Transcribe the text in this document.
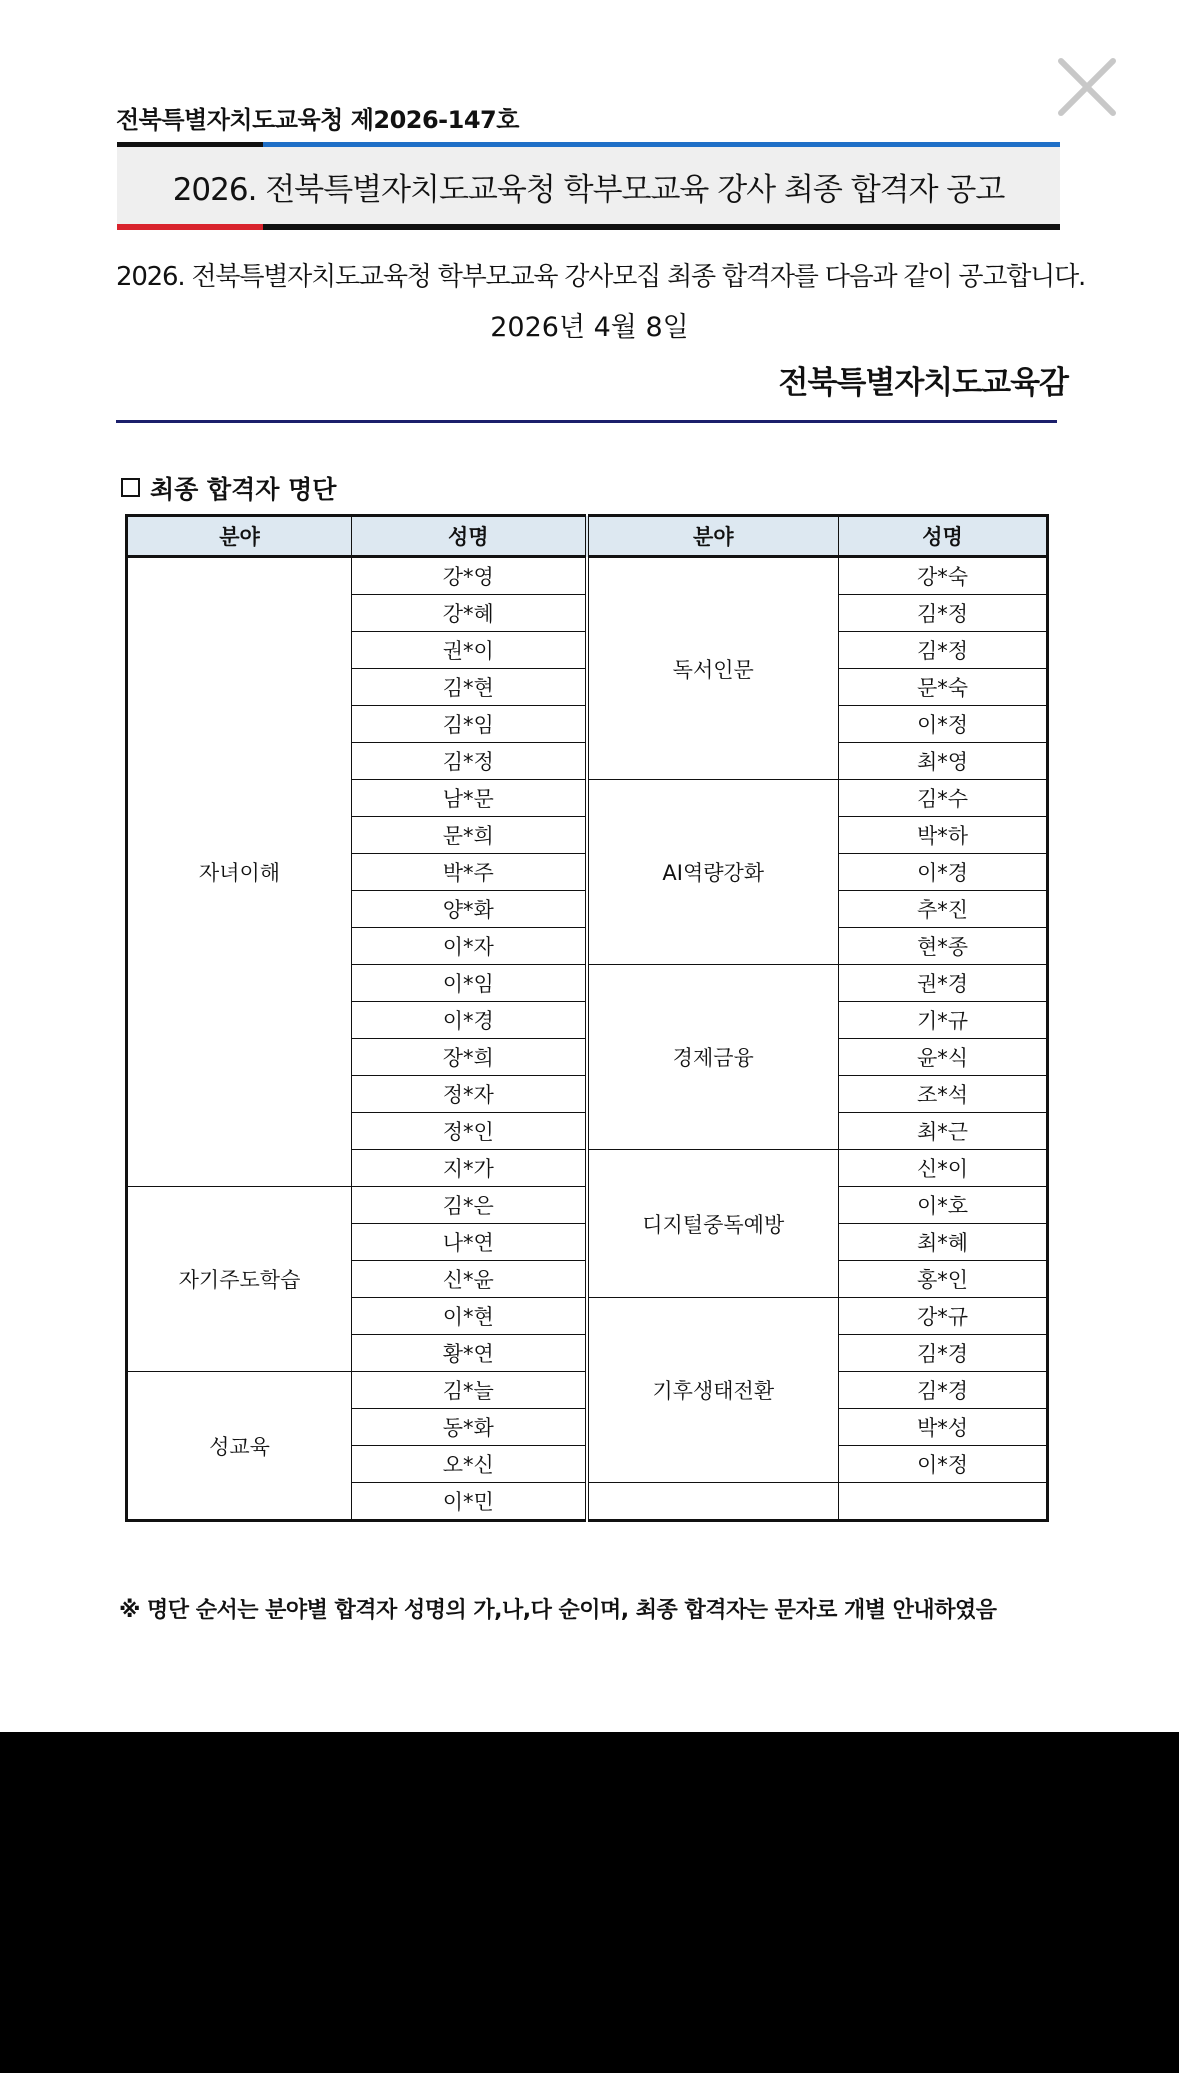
전북특별자치도교육청 제2026-147호
2026. 전북특별자치도교육청 학부모교육 강사 최종 합격자 공고
2026. 전북특별자치도교육청 학부모교육 강사모집 최종 합격자를 다음과 같이 공고합니다.
2026년 4월 8일
전북특별자치도교육감
최종 합격자 명단
분야	성명	분야	성명
자녀이해	강*영	독서인문	강*숙
	강*혜		김*정
	권*이		김*정
	김*현		문*숙
	김*임		이*정
	김*정		최*영
	남*문	AI역량강화	김*수
	문*희		박*하
	박*주		이*경
	양*화		추*진
	이*자		현*종
	이*임	경제금융	권*경
	이*경		기*규
	장*희		윤*식
	정*자		조*석
	정*인		최*근
	지*가	디지털중독예방	신*이
자기주도학습	김*은		이*호
	나*연		최*혜
	신*윤		홍*인
	이*현	기후생태전환	강*규
	황*연		김*경
성교육	김*늘		김*경
	동*화		박*성
	오*신		이*정
	이*민		
※ 명단 순서는 분야별 합격자 성명의 가,나,다 순이며, 최종 합격자는 문자로 개별 안내하였음
